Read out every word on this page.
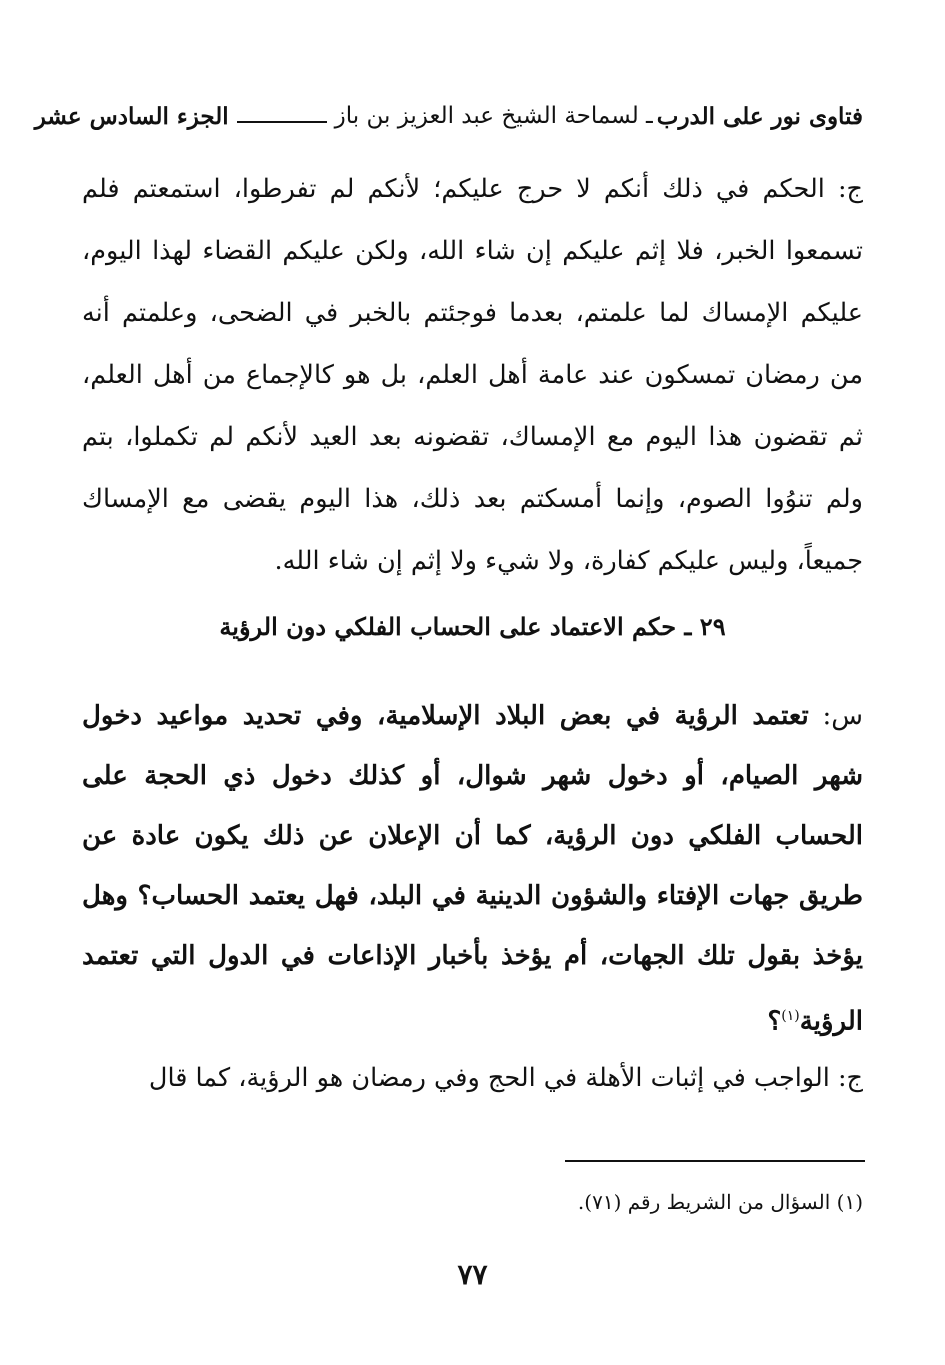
فتاوى نور على الدرب
ـ لسماحة الشيخ عبد العزيز بن باز
الجزء السادس عشر
ج: الحكم في ذلك أنكم لا حرج عليكم؛ لأنكم لم تفرطوا، استمعتم فلم تسمعوا الخبر، فلا إثم عليكم إن شاء الله، ولكن عليكم القضاء لهذا اليوم، عليكم الإمساك لما علمتم، بعدما فوجئتم بالخبر في الضحى، وعلمتم أنه من رمضان تمسكون عند عامة أهل العلم، بل هو كالإجماع من أهل العلم، ثم تقضون هذا اليوم مع الإمساك، تقضونه بعد العيد لأنكم لم تكملوا، بتم ولم تنوُوا الصوم، وإنما أمسكتم بعد ذلك، هذا اليوم يقضى مع الإمساك جميعاً، وليس عليكم كفارة، ولا شيء ولا إثم إن شاء الله.
٢٩ ـ حكم الاعتماد على الحساب الفلكي دون الرؤية
س: تعتمد الرؤية في بعض البلاد الإسلامية، وفي تحديد مواعيد دخول شهر الصيام، أو دخول شهر شوال، أو كذلك دخول ذي الحجة على الحساب الفلكي دون الرؤية، كما أن الإعلان عن ذلك يكون عادة عن طريق جهات الإفتاء والشؤون الدينية في البلد، فهل يعتمد الحساب؟ وهل يؤخذ بقول تلك الجهات، أم يؤخذ بأخبار الإذاعات في الدول التي تعتمد الرؤية$^{(١)}$؟
ج: الواجب في إثبات الأهلة في الحج وفي رمضان هو الرؤية، كما قال
(١) السؤال من الشريط رقم (٧١).
٧٧
